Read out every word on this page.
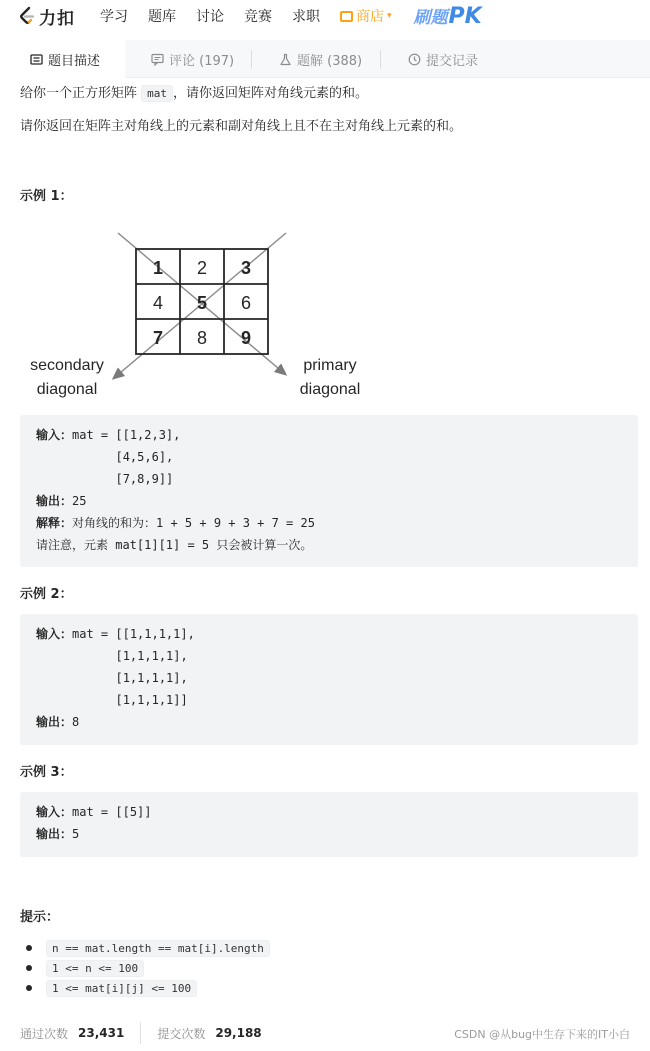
力扣 学习 题库 讨论 竞赛 求职	商店 ▾ 刷题 PK
题目描述	评论 (197)	题解 (388)	提交记录

给你一个正方形矩阵 mat ，请你返回矩阵对角线元素的和。

请你返回在矩阵主对角线上的元素和副对角线上且不在主对角线上元素的和。

示例 1：
1 2 3
4 5 6
7 8 9
secondary
diagonal
primary
diagonal
输入：mat = [[1,2,3],
[4,5,6],
[7,8,9]]
输出：25
解释：对角线的和为：1 + 5 + 9 + 3 + 7 = 25
请注意，元素 mat[1][1] = 5 只会被计算一次。
示例 2：
输入：mat = [[1,1,1,1],
[1,1,1,1],
[1,1,1,1],
[1,1,1,1]]
输出：8
示例 3：
输入：mat = [[5]]
输出：5
提示：
n == mat.length == mat[i].length
1 <= n <= 100
1 <= mat[i][j] <= 100
通过次数 23,431	提交次数 29,188	CSDN @从bug中生存下来的IT小白
